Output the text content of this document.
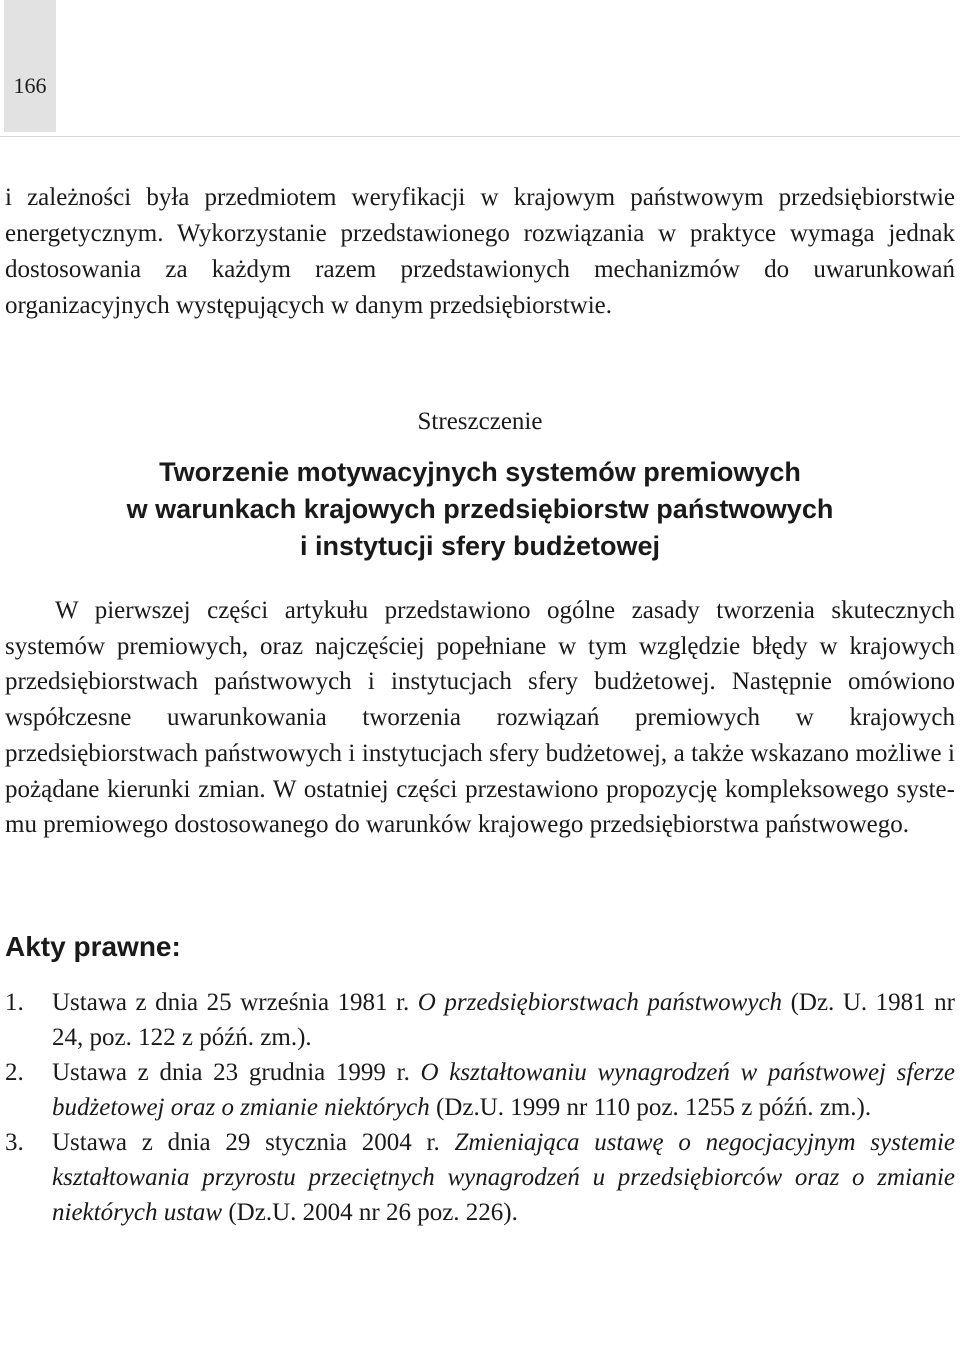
166

i zależności była przedmiotem weryfikacji w krajowym państwowym przedsiębiorstwie energetycznym. Wykorzystanie przedstawionego rozwiązania w praktyce wymaga jednak dostosowania za każdym razem przedstawionych mechanizmów do uwarunkowań organizacyjnych występujących w danym przedsiębiorstwie.

Streszczenie
Tworzenie motywacyjnych systemów premiowych
w warunkach krajowych przedsiębiorstw państwowych
i instytucji sfery budżetowej

W pierwszej części artykułu przedstawiono ogólne zasady tworzenia skutecznych systemów premiowych, oraz najczęściej popełniane w tym względzie błędy w krajowych przedsiębiorstwach państwowych i instytucjach sfery budżetowej. Następnie omówiono współczesne uwarunkowania tworzenia rozwiązań premiowych w krajowych przedsiębiorstwach państwowych i instytucjach sfery budżetowej, a także wskazano możliwe i pożądane kierunki zmian. W ostatniej części przestawiono propozycję kompleksowego systemu premiowego dostosowanego do warunków krajowego przedsiębiorstwa państwowego.

Akty prawne:
1. Ustawa z dnia 25 września 1981 r. O przedsiębiorstwach państwowych (Dz. U. 1981 nr 24, poz. 122 z późń. zm.).
2. Ustawa z dnia 23 grudnia 1999 r. O kształtowaniu wynagrodzeń w państwowej sferze budżetowej oraz o zmianie niektórych (Dz.U. 1999 nr 110 poz. 1255 z późń. zm.).
3. Ustawa z dnia 29 stycznia 2004 r. Zmieniająca ustawę o negocjacyjnym systemie kształtowania przyrostu przeciętnych wynagrodzeń u przedsiębiorców oraz o zmianie niektórych ustaw (Dz.U. 2004 nr 26 poz. 226).
